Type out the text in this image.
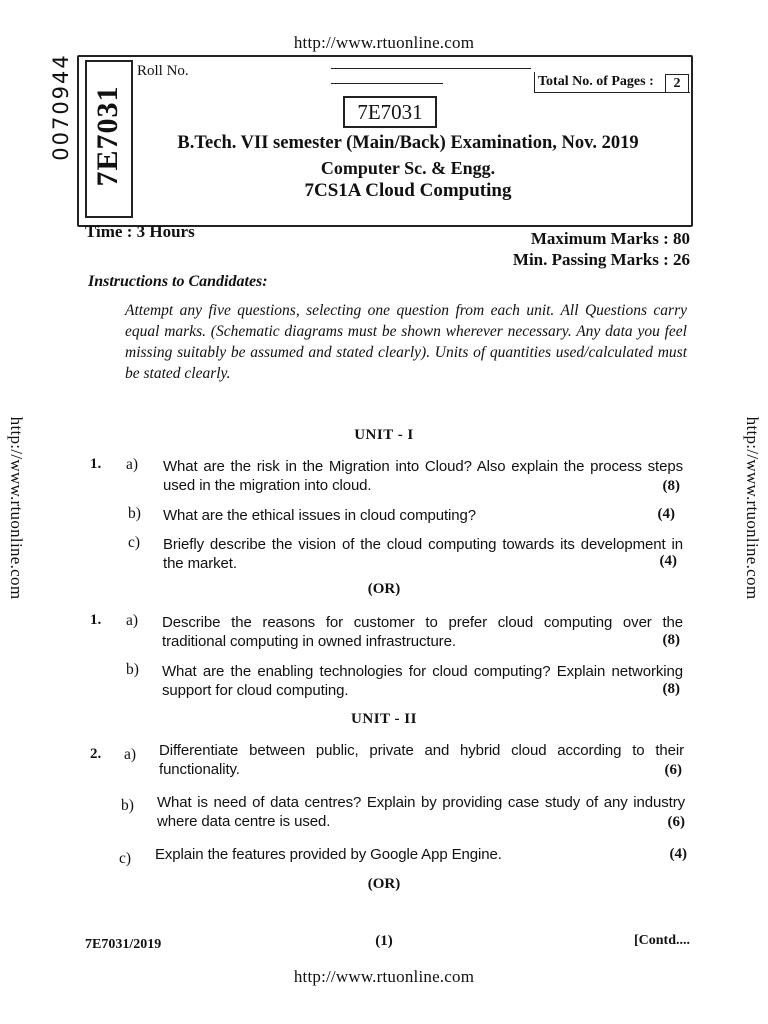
http://www.rtuonline.com
http://www.rtuonline.com	http://www.rtuonline.com
http://www.rtuonline.com
0070944 7E7031
Roll No.
Total No. of Pages :	2
7E7031
B.Tech. VII semester (Main/Back) Examination, Nov. 2019
Computer Sc. & Engg.
7CS1A Cloud Computing
Time : 3 Hours	Maximum Marks : 80
Min. Passing Marks : 26
Instructions to Candidates:
Attempt any five questions, selecting one question from each unit. All Questions carry equal marks. (Schematic diagrams must be shown wherever necessary. Any data you feel missing suitably be assumed and stated clearly). Units of quantities used/calculated must be stated clearly.
UNIT - I
1. a) What are the risk in the Migration into Cloud? Also explain the process steps used in the migration into cloud.	(8)
b) What are the ethical issues in cloud computing?	(4)
c) Briefly describe the vision of the cloud computing towards its development in the market.	(4)
(OR)
1. a) Describe the reasons for customer to prefer cloud computing over the traditional computing in owned infrastructure.	(8)
b) What are the enabling technologies for cloud computing? Explain networking support for cloud computing.	(8)
UNIT - II
2. a) Differentiate between public, private and hybrid cloud according to their functionality.	(6)
b) What is need of data centres? Explain by providing case study of any industry where data centre is used.	(6)
c) Explain the features provided by Google App Engine.	(4)
(OR)
7E7031/2019	(1)	[Contd....
